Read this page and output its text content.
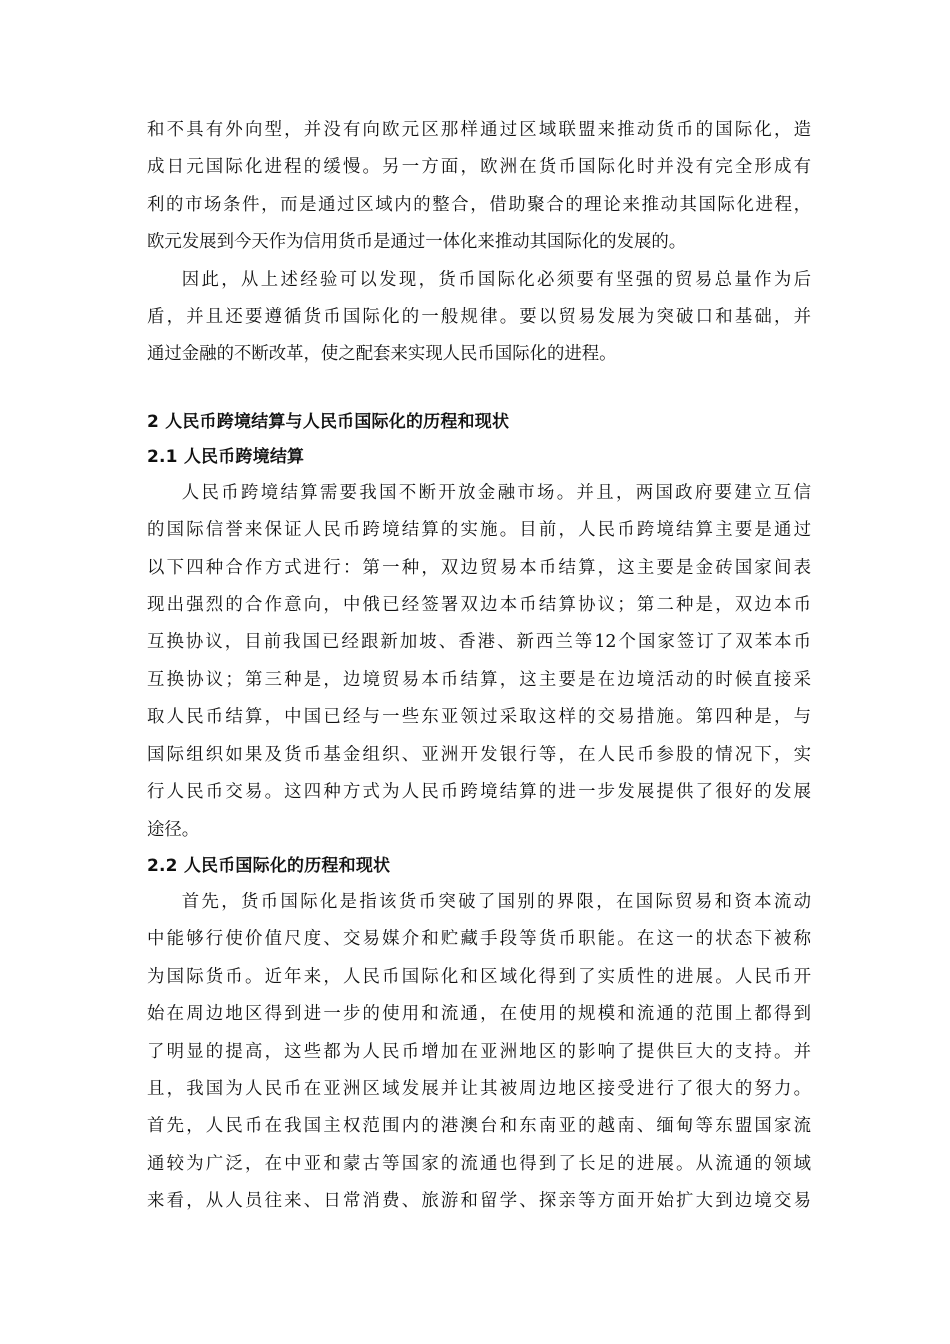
和不具有外向型，并没有向欧元区那样通过区域联盟来推动货币的国际化，造

成日元国际化进程的缓慢。另一方面，欧洲在货币国际化时并没有完全形成有

利的市场条件，而是通过区域内的整合，借助聚合的理论来推动其国际化进程，

欧元发展到今天作为信用货币是通过一体化来推动其国际化的发展的。

因此，从上述经验可以发现，货币国际化必须要有坚强的贸易总量作为后

盾，并且还要遵循货币国际化的一般规律。要以贸易发展为突破口和基础，并

通过金融的不断改革，使之配套来实现人民币国际化的进程。

2 人民币跨境结算与人民币国际化的历程和现状
2.1 人民币跨境结算

人民币跨境结算需要我国不断开放金融市场。并且，两国政府要建立互信

的国际信誉来保证人民币跨境结算的实施。目前，人民币跨境结算主要是通过

以下四种合作方式进行：第一种，双边贸易本币结算，这主要是金砖国家间表

现出强烈的合作意向，中俄已经签署双边本币结算协议；第二种是，双边本币

互换协议，目前我国已经跟新加坡、香港、新西兰等12个国家签订了双苯本币

互换协议；第三种是，边境贸易本币结算，这主要是在边境活动的时候直接采

取人民币结算，中国已经与一些东亚领过采取这样的交易措施。第四种是，与

国际组织如果及货币基金组织、亚洲开发银行等，在人民币参股的情况下，实

行人民币交易。这四种方式为人民币跨境结算的进一步发展提供了很好的发展

途径。

2.2 人民币国际化的历程和现状

首先，货币国际化是指该货币突破了国别的界限，在国际贸易和资本流动

中能够行使价值尺度、交易媒介和贮藏手段等货币职能。在这一的状态下被称

为国际货币。近年来，人民币国际化和区域化得到了实质性的进展。人民币开

始在周边地区得到进一步的使用和流通，在使用的规模和流通的范围上都得到

了明显的提高，这些都为人民币增加在亚洲地区的影响了提供巨大的支持。并

且，我国为人民币在亚洲区域发展并让其被周边地区接受进行了很大的努力。

首先，人民币在我国主权范围内的港澳台和东南亚的越南、缅甸等东盟国家流

通较为广泛，在中亚和蒙古等国家的流通也得到了长足的进展。从流通的领域

来看，从人员往来、日常消费、旅游和留学、探亲等方面开始扩大到边境交易
